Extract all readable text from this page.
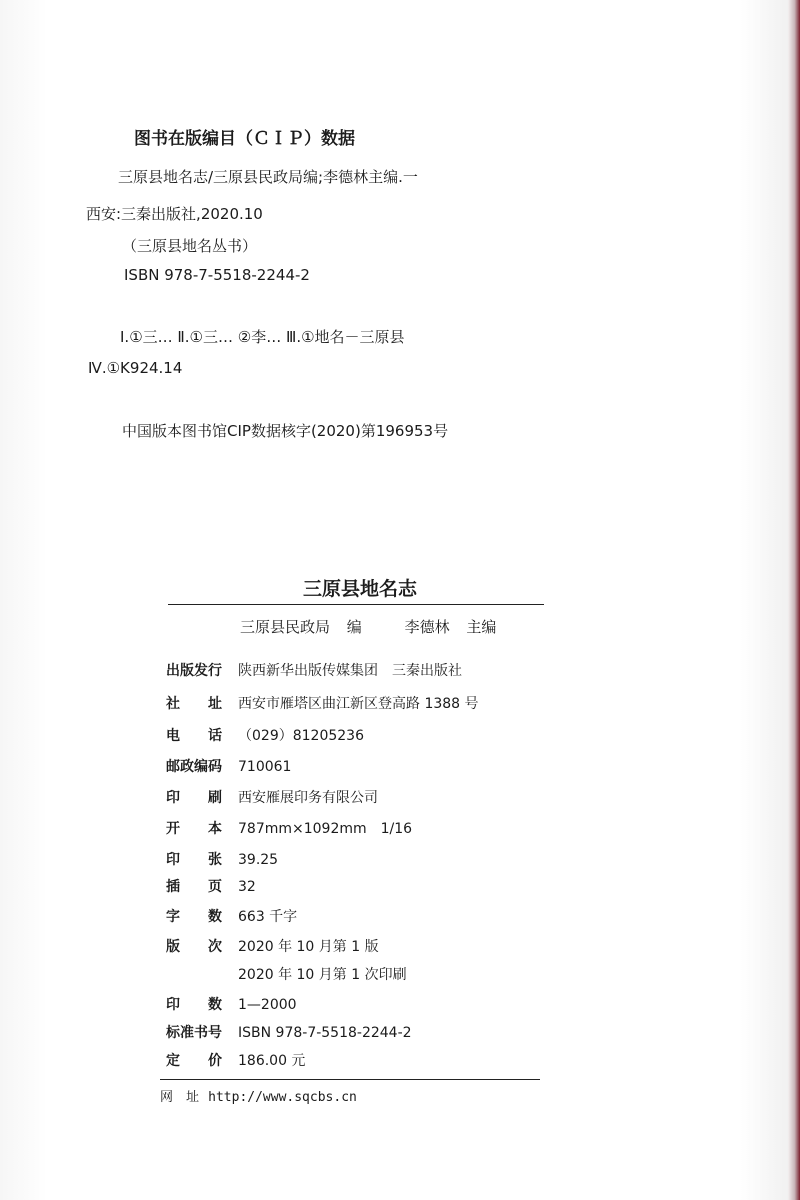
图书在版编目（ＣＩＰ）数据
三原县地名志/三原县民政局编;李德林主编.一
西安:三秦出版社,2020.10
（三原县地名丛书）
ISBN 978-7-5518-2244-2
Ⅰ.①三… Ⅱ.①三… ②李… Ⅲ.①地名－三原县
Ⅳ.①K924.14
中国版本图书馆CIP数据核字(2020)第196953号
三原县地名志
三原县民政局 编	李德林 主编
出版发行	陕西新华出版传媒集团　三秦出版社
社　　址	西安市雁塔区曲江新区登高路 1388 号
电　　话	（029）81205236
邮政编码	710061
印　　刷	西安雁展印务有限公司
开　　本	787mm×1092mm　1/16
印　　张	39.25
插　　页	32
字　　数	663 千字
版　　次	2020 年 10 月第 1 版
2020 年 10 月第 1 次印刷
印　　数	1—2000
标准书号	ISBN 978-7-5518-2244-2
定　　价	186.00 元
网　址 http://www.sqcbs.cn
